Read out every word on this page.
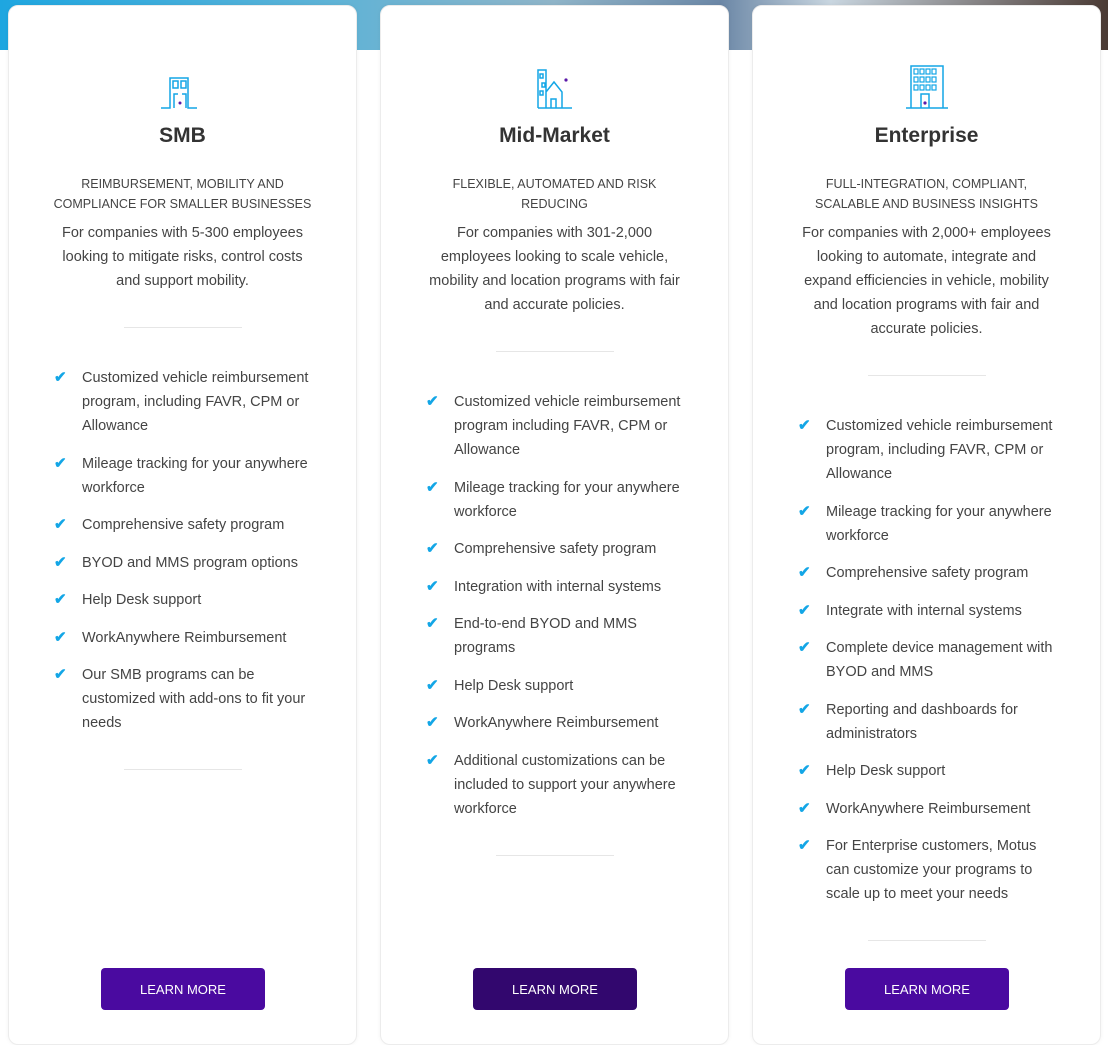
SMB
REIMBURSEMENT, MOBILITY AND COMPLIANCE FOR SMALLER BUSINESSES

For companies with 5-300 employees looking to mitigate risks, control costs and support mobility.

✔	Customized vehicle reimbursement program, including FAVR, CPM or Allowance
✔	Mileage tracking for your anywhere workforce
✔	Comprehensive safety program
✔	BYOD and MMS program options
✔	Help Desk support
✔	WorkAnywhere Reimbursement
✔	Our SMB programs can be customized with add-ons to fit your needs
LEARN MORE
Mid-Market
FLEXIBLE, AUTOMATED AND RISK REDUCING

For companies with 301-2,000 employees looking to scale vehicle, mobility and location programs with fair and accurate policies.

✔	Customized vehicle reimbursement program including FAVR, CPM or Allowance
✔	Mileage tracking for your anywhere workforce
✔	Comprehensive safety program
✔	Integration with internal systems
✔	End-to-end BYOD and MMS programs
✔	Help Desk support
✔	WorkAnywhere Reimbursement
✔	Additional customizations can be included to support your anywhere workforce
LEARN MORE
Enterprise
FULL-INTEGRATION, COMPLIANT, SCALABLE AND BUSINESS INSIGHTS

For companies with 2,000+ employees looking to automate, integrate and expand efficiencies in vehicle, mobility and location programs with fair and accurate policies.

✔	Customized vehicle reimbursement program, including FAVR, CPM or Allowance
✔	Mileage tracking for your anywhere workforce
✔	Comprehensive safety program
✔	Integrate with internal systems
✔	Complete device management with BYOD and MMS
✔	Reporting and dashboards for administrators
✔	Help Desk support
✔	WorkAnywhere Reimbursement
✔	For Enterprise customers, Motus can customize your programs to scale up to meet your needs
LEARN MORE
